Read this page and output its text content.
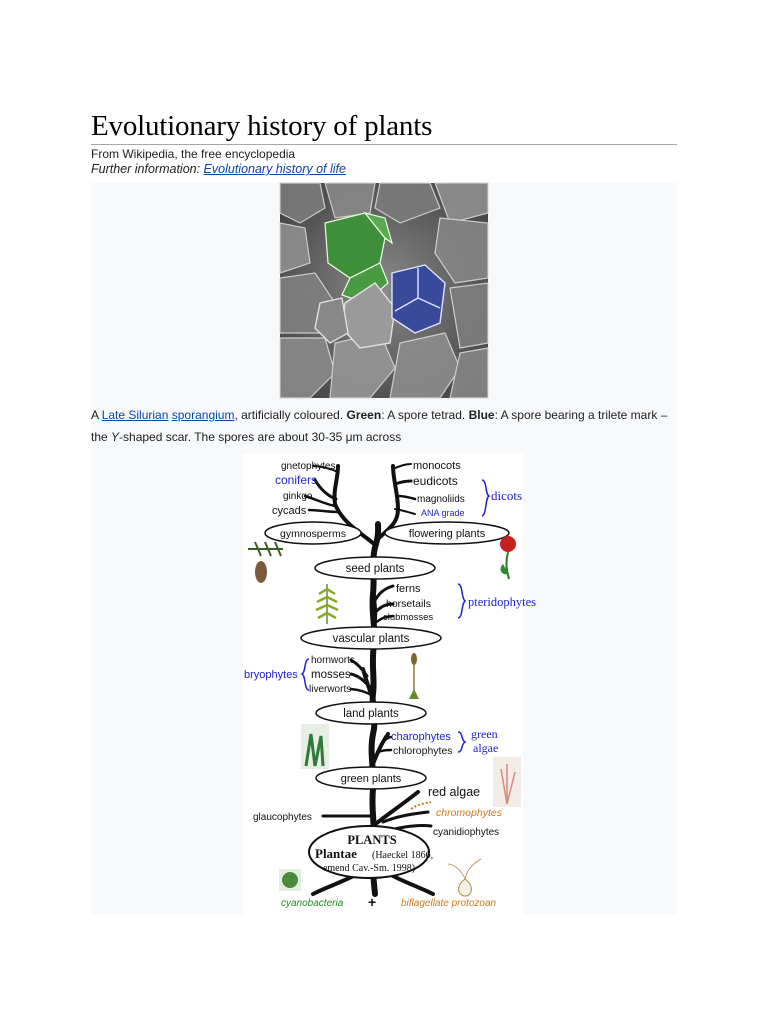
Evolutionary history of plants
From Wikipedia, the free encyclopedia
Further information: Evolutionary history of life
A Late Silurian sporangium, artificially coloured. Green: A spore tetrad. Blue: A spore bearing a trilete mark – the Y-shaped scar. The spores are about 30-35 μm across
gnetophytes
conifers
ginkgo
cycads
monocots
eudicots
magnoliids
ANA grade
dicots
gymnosperms	flowering plants
seed plants
ferns
horsetails
clubmosses
pteridophytes
vascular plants
bryophytes
hornworts
mosses
liverworts
land plants
charophytes
chlorophytes
green
algae
green plants
red algae
chromophytes
glaucophytes
cyanidiophytes
PLANTS
Plantae (Haeckel 1866,
emend Cav.-Sm. 1998)
cyanobacteria + biflagellate protozoan
